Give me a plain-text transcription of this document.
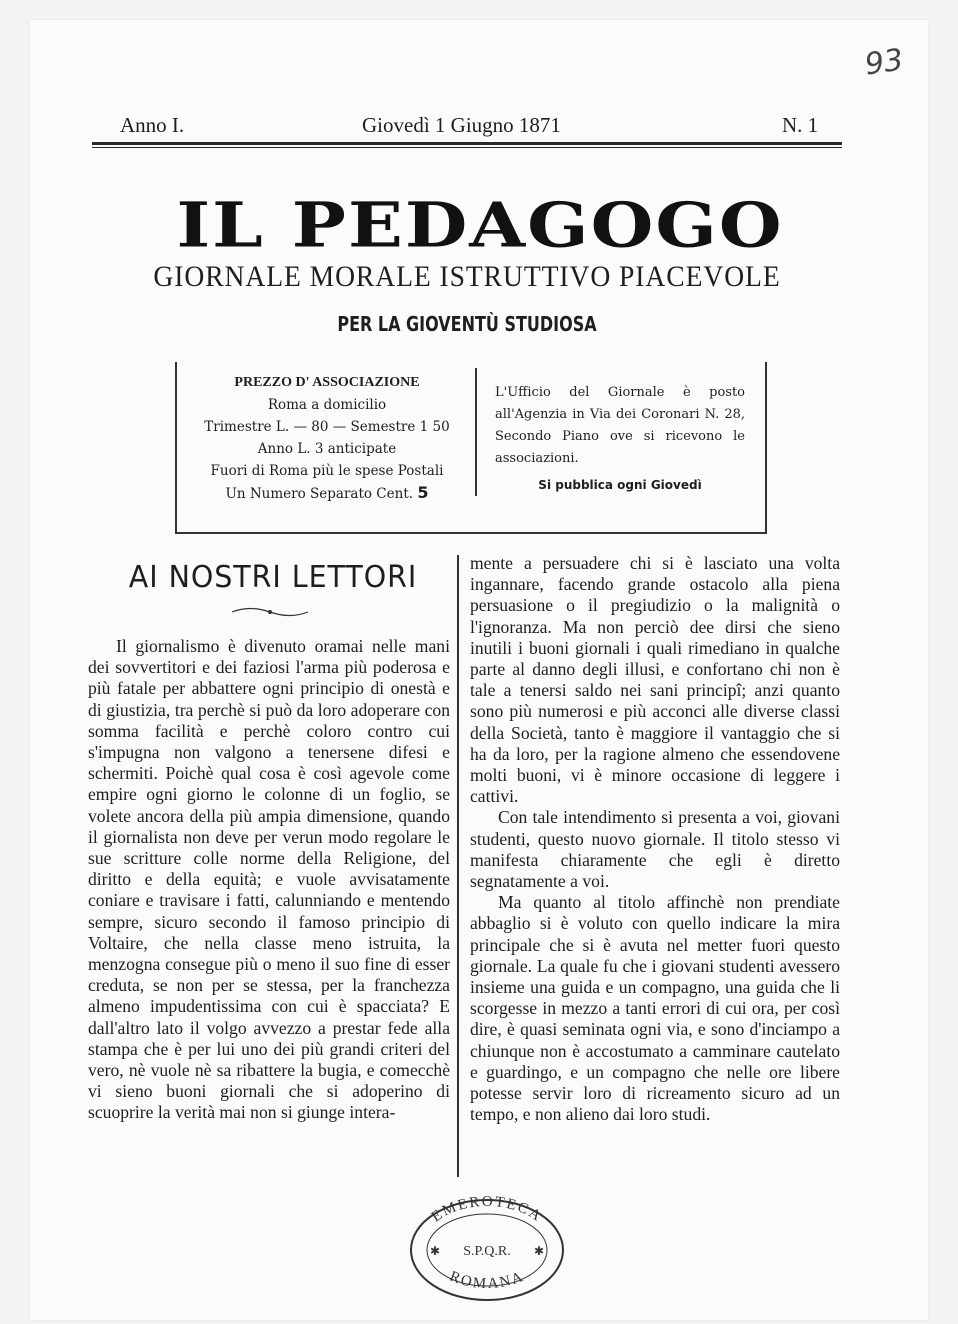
93
Anno I.	Giovedì 1 Giugno 1871	N. 1
IL PEDAGOGO
GIORNALE MORALE ISTRUTTIVO PIACEVOLE
PER LA GIOVENTÙ STUDIOSA
PREZZO D' ASSOCIAZIONE
Roma a domicilio
Trimestre L. — 80 — Semestre 1 50
Anno L. 3 anticipate
Fuori di Roma più le spese Postali
Un Numero Separato Cent. 5
L'Ufficio del Giornale è posto all'Agenzia in Via dei Coronari N. 28, Secondo Piano ove si ricevono le associazioni.
Si pubblica ogni Giovedì
AI NOSTRI LETTORI

Il giornalismo è divenuto oramai nelle mani dei sovvertitori e dei faziosi l'arma più poderosa e più fatale per abbattere ogni principio di onestà e di giustizia, tra perchè si può da loro adoperare con somma facilità e perchè coloro contro cui s'impugna non valgono a tenersene difesi e schermiti. Poichè qual cosa è così agevole come empire ogni giorno le colonne di un foglio, se volete ancora della più ampia dimensione, quando il giornalista non deve per verun modo regolare le sue scritture colle norme della Religione, del diritto e della equità; e vuole avvisatamente coniare e travisare i fatti, calunniando e mentendo sempre, sicuro secondo il famoso principio di Voltaire, che nella classe meno istruita, la menzogna consegue più o meno il suo fine di esser creduta, se non per se stessa, per la franchezza almeno impudentissima con cui è spacciata? E dall'altro lato il volgo avvezzo a prestar fede alla stampa che è per lui uno dei più grandi criteri del vero, nè vuole nè sa ribattere la bugia, e comecchè vi sieno buoni giornali che si adoperino di scuoprire la verità mai non si giunge intera-

mente a persuadere chi si è lasciato una volta ingannare, facendo grande ostacolo alla piena persuasione o il pregiudizio o la malignità o l'ignoranza. Ma non perciò dee dirsi che sieno inutili i buoni giornali i quali rimediano in qualche parte al danno degli illusi, e confortano chi non è tale a tenersi saldo nei sani principî; anzi quanto sono più numerosi e più acconci alle diverse classi della Società, tanto è maggiore il vantaggio che si ha da loro, per la ragione almeno che essendovene molti buoni, vi è minore occasione di leggere i cattivi.

Con tale intendimento si presenta a voi, giovani studenti, questo nuovo giornale. Il titolo stesso vi manifesta chiaramente che egli è diretto segnatamente a voi.

Ma quanto al titolo affinchè non prendiate abbaglio si è voluto con quello indicare la mira principale che si è avuta nel metter fuori questo giornale. La quale fu che i giovani studenti avessero insieme una guida e un compagno, una guida che li scorgesse in mezzo a tanti errori di cui ora, per così dire, è quasi seminata ogni via, e sono d'inciampo a chiunque non è accostumato a camminare cautelato e guardingo, e un compagno che nelle ore libere potesse servir loro di ricreamento sicuro ad un tempo, e non alieno dai loro studi.

EMEROTECA
S.P.Q.R.
✱	✱
ROMANA
